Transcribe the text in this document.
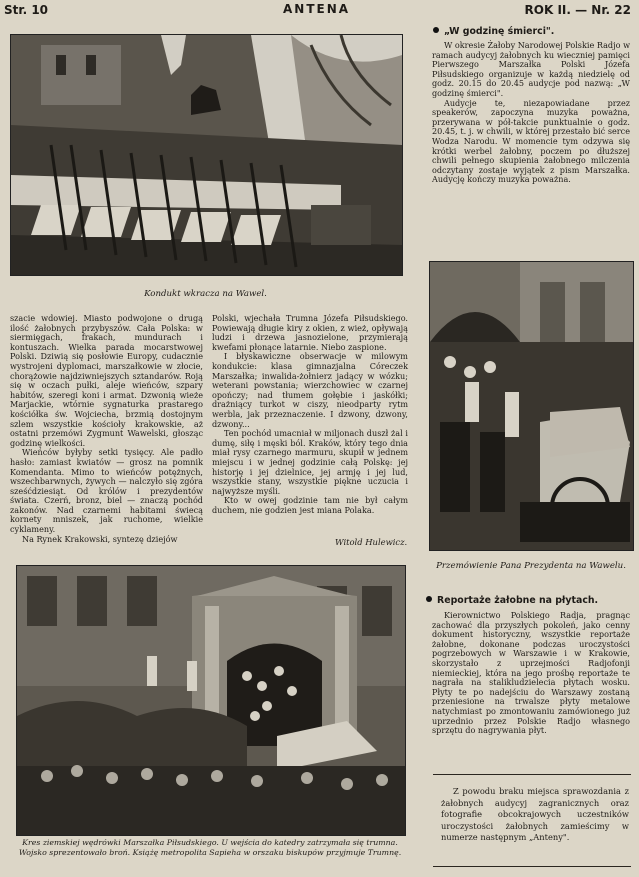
Str. 10	ANTENA	ROK II. — Nr. 22
Kondukt wkracza na Wawel.

szacie wdowiej. Miasto podwojone o drugą ilość żałobnych przybyszów. Cała Polska: w siermięgach, frakach, mundurach i kontuszach. Wielka parada mocarstwowej Polski. Dziwią się posłowie Europy, cudacznie wystrojeni dyplomaci, marszałkowie w złocie, chorążowie najdziwniejszych sztandarów. Roją się w oczach pułki, aleje wieńców, szpary habitów, szeregi koni i armat. Dzwonią wieże Marjackie, wtórnie sygnaturka prastarego kościółka św. Wojciecha, brzmią dostojnym szlem wszystkie kościoły krakowskie, aż ostatni przemówi Zygmunt Wawelski, głosząc godzinę wielkości.

Wieńców byłyby setki tysięcy. Ale padło hasło: zamiast kwiatów — grosz na pomnik Komendanta. Mimo to wieńców potężnych, wszechbarwnych, żywych — nalczyło się zgóra sześćdziesiąt. Od królów i prezydentów świata. Czerń, bronz, biel — znaczą pochód zakonów. Nad czarnemi habitami świecą kornety mniszek, jak ruchome, wielkie cyklameny.

Na Rynek Krakowski, syntezę dziejów

Polski, wjechała Trumna Józefa Piłsudskiego. Powiewają długie kiry z okien, z wież, opływają ludzi i drzewa jasnozielone, przymierają kwefami płonące latarnie. Niebo zaspione.

I błyskawiczne obserwacje w milowym kondukcie: klasa gimnazjalna Córeczek Marszałka; inwalida-żołnierz jadący w wózku; weterani powstania; wierzchowiec w czarnej opończy; nad tłumem gołębie i jaskółki; drażniący turkot w ciszy, nieodparty rytm werbla, jak przeznaczenie. I dzwony, dzwony, dzwony...

Ten pochód umacniał w miljonach duszł żal i dumę, siłę i męski ból. Kraków, który tego dnia miał rysy czarnego marmuru, skupił w jednem miejscu i w jednej godzinie całą Polskę: jej historję i jej dzielnice, jej armję i jej lud, wszystkie stany, wszystkie piękne uczucia i najwyższe myśli.

Kto w owej godzinie tam nie był całym duchem, nie godzien jest miana Polaka.

Witold Hulewicz.
„W godzinę śmierci".

W okresie Żałoby Narodowej Polskie Radjo w ramach audycyj żałobnych ku wieczniej pamięci Pierwszego Marszałka Polski Józefa Piłsudskiego organizuje w każdą niedzielę od godz. 20.15 do 20.45 audycje pod nazwą: „W godzinę śmierci".

Audycje te, niezapowiadane przez speakerów, zapoczyna muzyka poważna, przerywana w pół-takcie punktualnie o godz. 20.45, t. j. w chwili, w której przestało bić serce Wodza Narodu. W momencie tym odzywa się krótki werbel żałobny, poczem po dłuższej chwili pełnego skupienia żałobnego milczenia odczytany zostaje wyjątek z pism Marszałka. Audycję kończy muzyka poważna.

Przemówienie Pana Prezydenta na Wawelu.
Reportaże żałobne na płytach.

Kierownictwo Polskiego Radja, pragnąc zachować dla przyszłych pokoleń, jako cenny dokument historyczny, wszystkie reportaże żałobne, dokonane podczas uroczystości pogrzebowych w Warszawie i w Krakowie, skorzystało z uprzejmości Radjofonji niemieckiej, która na jego prośbę reportaże te nagrała na stalikludzielecia płytach wosku. Płyty te po nadejściu do Warszawy zostaną przeniesione na trwalsze płyty metalowe natychmiast po zmontowaniu zamówionego już uprzednio przez Polskie Radjo własnego sprzętu do nagrywania płyt.

Z powodu braku miejsca sprawozdania z żałobnych audycyj zagranicznych oraz fotografie obcokrajowych uczestników uroczystości żałobnych zamieścimy w numerze następnym „Anteny".

Kres ziemskiej wędrówki Marszałka Piłsudskiego. U wejścia do katedry zatrzymała się trumna. Wojsko sprezentowało broń. Książę metropolita Sapieha w orszaku biskupów przyjmuje Trumnę.
